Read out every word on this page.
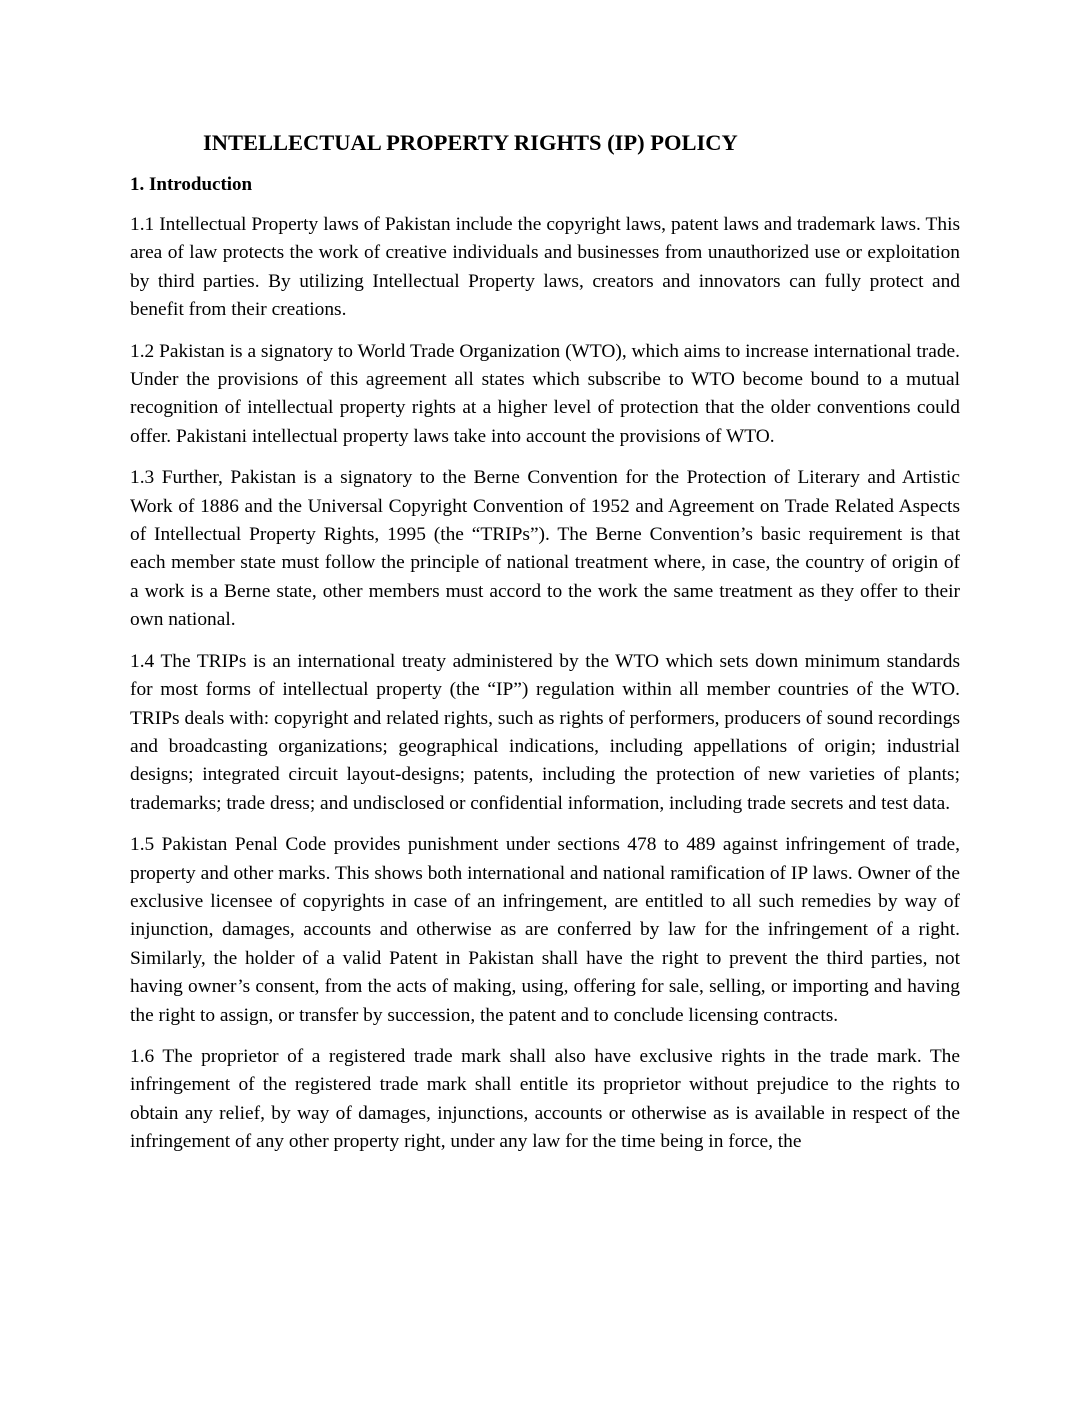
INTELLECTUAL PROPERTY RIGHTS (IP) POLICY
1. Introduction

1.1 Intellectual Property laws of Pakistan include the copyright laws, patent laws and trademark laws. This area of law protects the work of creative individuals and businesses from unauthorized use or exploitation by third parties. By utilizing Intellectual Property laws, creators and innovators can fully protect and benefit from their creations.

1.2 Pakistan is a signatory to World Trade Organization (WTO), which aims to increase international trade. Under the provisions of this agreement all states which subscribe to WTO become bound to a mutual recognition of intellectual property rights at a higher level of protection that the older conventions could offer. Pakistani intellectual property laws take into account the provisions of WTO.

1.3 Further, Pakistan is a signatory to the Berne Convention for the Protection of Literary and Artistic Work of 1886 and the Universal Copyright Convention of 1952 and Agreement on Trade Related Aspects of Intellectual Property Rights, 1995 (the “TRIPs”). The Berne Convention’s basic requirement is that each member state must follow the principle of national treatment where, in case, the country of origin of a work is a Berne state, other members must accord to the work the same treatment as they offer to their own national.

1.4 The TRIPs is an international treaty administered by the WTO which sets down minimum standards for most forms of intellectual property (the “IP”) regulation within all member countries of the WTO. TRIPs deals with: copyright and related rights, such as rights of performers, producers of sound recordings and broadcasting organizations; geographical indications, including appellations of origin; industrial designs; integrated circuit layout-designs; patents, including the protection of new varieties of plants; trademarks; trade dress; and undisclosed or confidential information, including trade secrets and test data.

1.5 Pakistan Penal Code provides punishment under sections 478 to 489 against infringement of trade, property and other marks. This shows both international and national ramification of IP laws. Owner of the exclusive licensee of copyrights in case of an infringement, are entitled to all such remedies by way of injunction, damages, accounts and otherwise as are conferred by law for the infringement of a right. Similarly, the holder of a valid Patent in Pakistan shall have the right to prevent the third parties, not having owner’s consent, from the acts of making, using, offering for sale, selling, or importing and having the right to assign, or transfer by succession, the patent and to conclude licensing contracts.

1.6 The proprietor of a registered trade mark shall also have exclusive rights in the trade mark. The infringement of the registered trade mark shall entitle its proprietor without prejudice to the rights to obtain any relief, by way of damages, injunctions, accounts or otherwise as is available in respect of the infringement of any other property right, under any law for the time being in force, the
